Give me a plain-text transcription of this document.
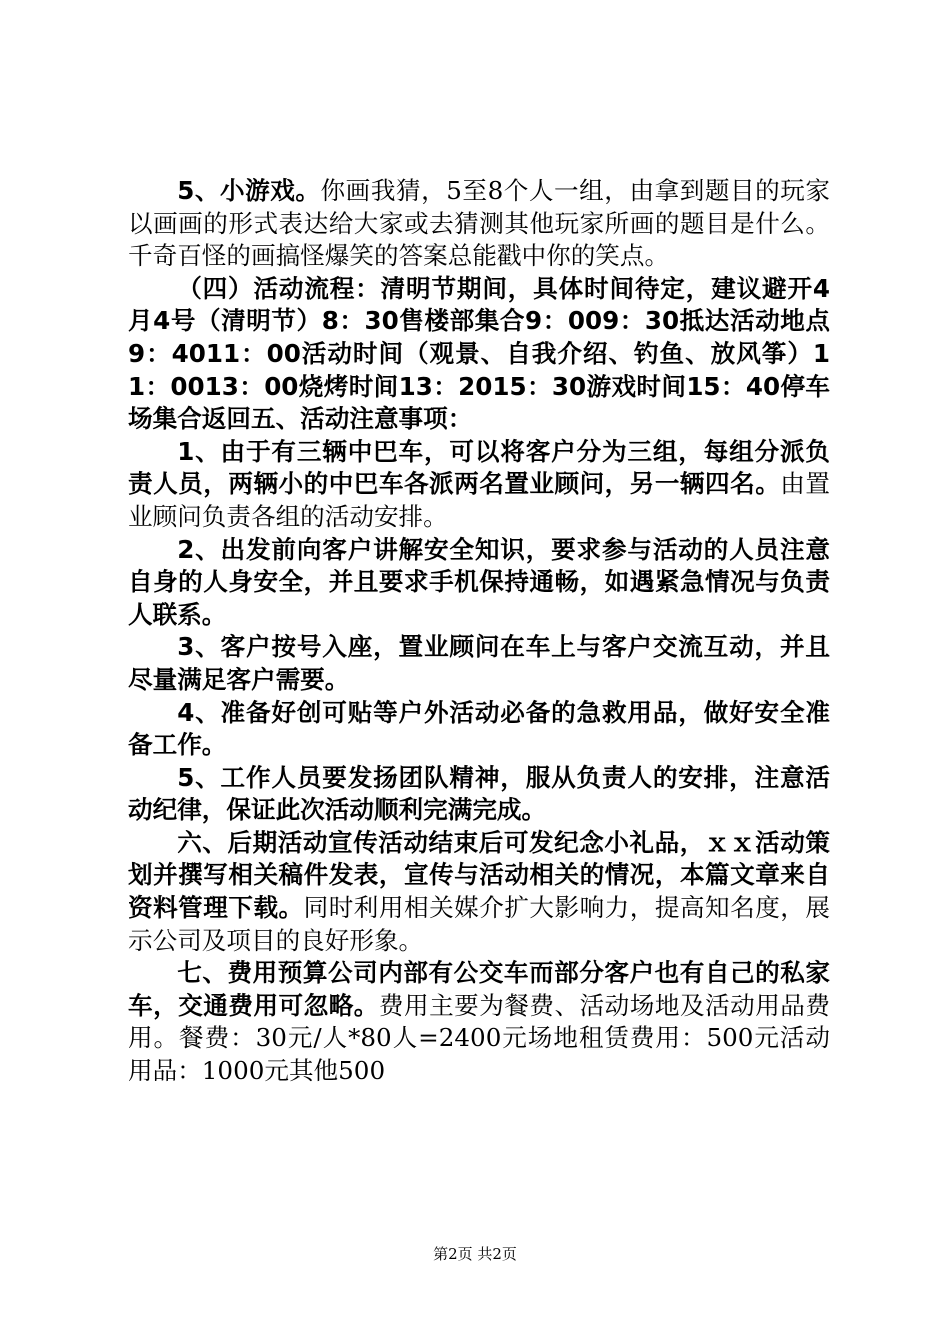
5、小游戏。你画我猜，5至8个人一组，由拿到题目的玩家以画画的形式表达给大家或去猜测其他玩家所画的题目是什么。千奇百怪的画搞怪爆笑的答案总能戳中你的笑点。

（四）活动流程：清明节期间，具体时间待定，建议避开4月4号（清明节）8：30售楼部集合9：009：30抵达活动地点9：4011：00活动时间（观景、自我介绍、钓鱼、放风筝）11：0013：00烧烤时间13：2015：30游戏时间15：40停车场集合返回五、活动注意事项：

1、由于有三辆中巴车，可以将客户分为三组，每组分派负责人员，两辆小的中巴车各派两名置业顾问，另一辆四名。由置业顾问负责各组的活动安排。

2、出发前向客户讲解安全知识，要求参与活动的人员注意自身的人身安全，并且要求手机保持通畅，如遇紧急情况与负责人联系。

3、客户按号入座，置业顾问在车上与客户交流互动，并且尽量满足客户需要。

4、准备好创可贴等户外活动必备的急救用品，做好安全准备工作。

5、工作人员要发扬团队精神，服从负责人的安排，注意活动纪律，保证此次活动顺利完满完成。

六、后期活动宣传活动结束后可发纪念小礼品，ｘｘ活动策划并撰写相关稿件发表，宣传与活动相关的情况，本篇文章来自资料管理下载。同时利用相关媒介扩大影响力，提高知名度，展示公司及项目的良好形象。

七、费用预算公司内部有公交车而部分客户也有自己的私家车，交通费用可忽略。费用主要为餐费、活动场地及活动用品费用。餐费：30元/人*80人=2400元场地租赁费用：500元活动用品：1000元其他500

第2页 共2页
